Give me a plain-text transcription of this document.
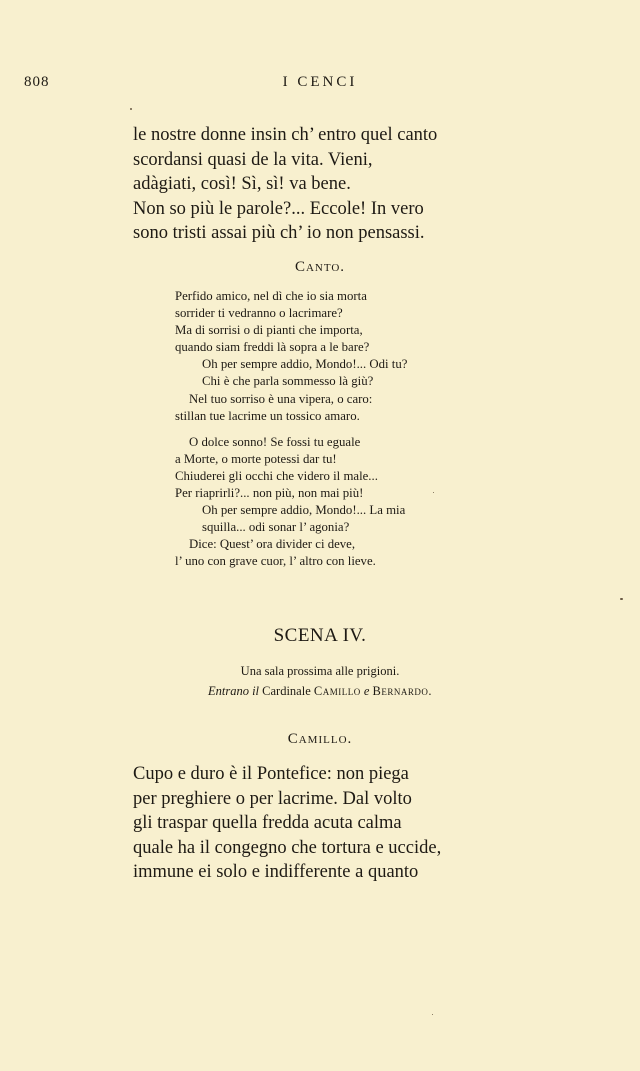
808	I CENCI
le nostre donne insin ch’ entro quel canto
scordansi quasi de la vita. Vieni,
adàgiati, così! Sì, sì! va bene.
Non so più le parole?... Eccole! In vero
sono tristi assai più ch’ io non pensassi.
Canto.
Perfido amico, nel dì che io sia morta
sorrider ti vedranno o lacrimare?
Ma di sorrisi o di pianti che importa,
quando siam freddi là sopra a le bare?
Oh per sempre addio, Mondo!... Odi tu?
Chi è che parla sommesso là giù?
Nel tuo sorriso è una vipera, o caro:
stillan tue lacrime un tossico amaro.
O dolce sonno! Se fossi tu eguale
a Morte, o morte potessi dar tu!
Chiuderei gli occhi che videro il male...
Per riaprirli?... non più, non mai più!
Oh per sempre addio, Mondo!... La mia
squilla... odi sonar l’ agonia?
Dice: Quest’ ora divider ci deve,
l’ uno con grave cuor, l’ altro con lieve.
SCENA IV.
Una sala prossima alle prigioni.
Entrano il Cardinale Camillo e Bernardo.
Camillo.
Cupo e duro è il Pontefice: non piega
per preghiere o per lacrime. Dal volto
gli traspar quella fredda acuta calma
quale ha il congegno che tortura e uccide,
immune ei solo e indifferente a quanto
